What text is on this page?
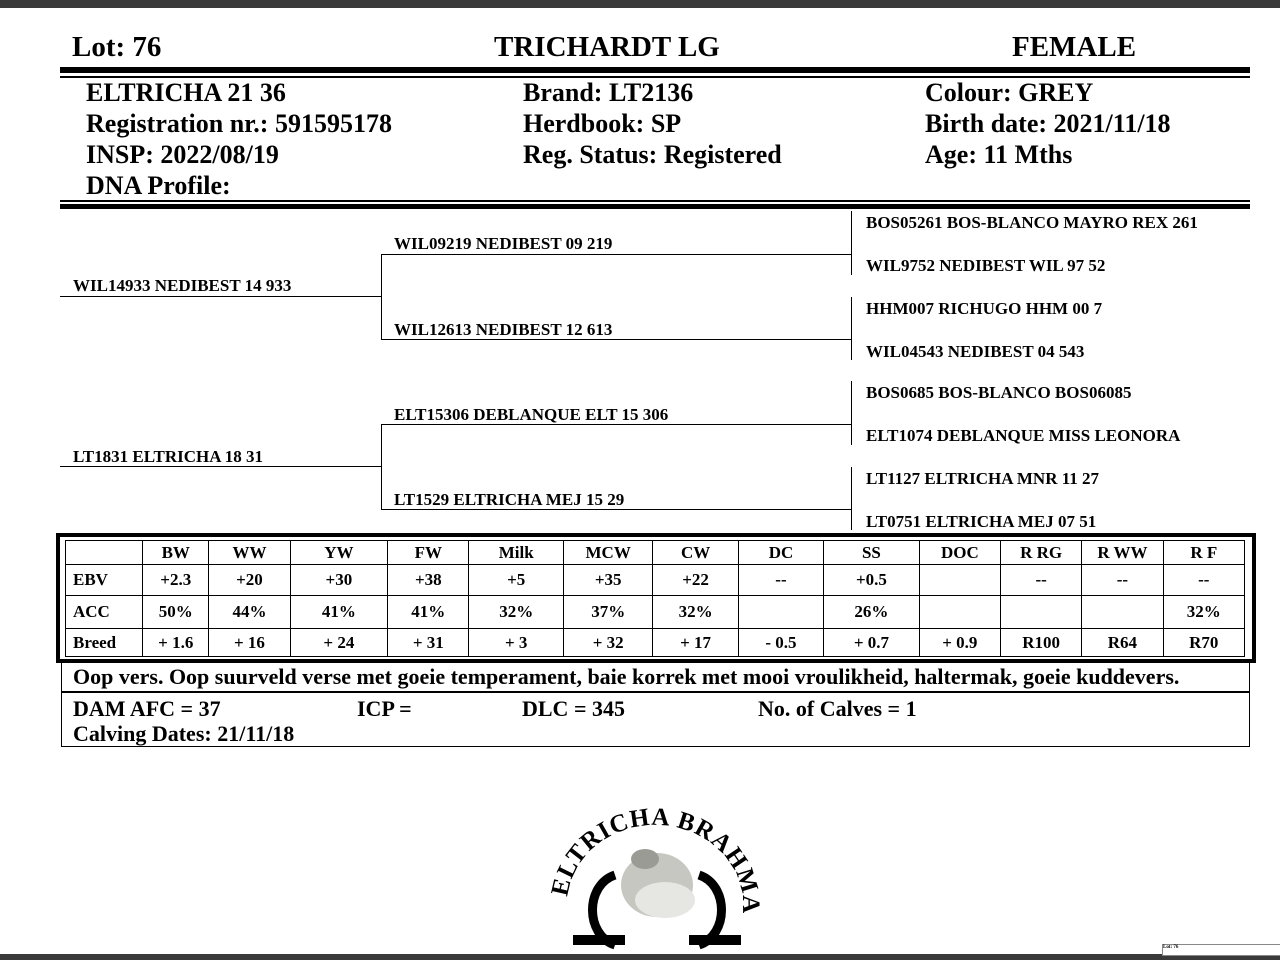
Lot: 76	TRICHARDT LG	FEMALE
ELTRICHA 21 36
Registration nr.: 591595178
INSP: 2022/08/19
DNA Profile:
Brand: LT2136
Herdbook: SP
Reg. Status: Registered
Colour: GREY
Birth date: 2021/11/18
Age: 11 Mths
WIL14933 NEDIBEST 14 933
LT1831 ELTRICHA 18 31
WIL09219 NEDIBEST 09 219
WIL12613 NEDIBEST 12 613
ELT15306 DEBLANQUE ELT 15 306
LT1529 ELTRICHA MEJ 15 29
BOS05261 BOS-BLANCO MAYRO REX 261
WIL9752 NEDIBEST WIL 97 52
HHM007 RICHUGO HHM 00 7
WIL04543 NEDIBEST 04 543
BOS0685 BOS-BLANCO BOS06085
ELT1074 DEBLANQUE MISS LEONORA
LT1127 ELTRICHA MNR 11 27
LT0751 ELTRICHA MEJ 07 51
	BW	WW	YW	FW	Milk	MCW	CW	DC	SS	DOC	R RG	R WW	R F
EBV	+2.3	+20	+30	+38	+5	+35	+22	--	+0.5		--	--	--
ACC	50%	44%	41%	41%	32%	37%	32%		26%				32%
Breed	+ 1.6	+ 16	+ 24	+ 31	+ 3	+ 32	+ 17	- 0.5	+ 0.7	+ 0.9	R100	R64	R70
Oop vers. Oop suurveld verse met goeie temperament, baie korrek met mooi vroulikheid, haltermak, goeie kuddevers.
DAM AFC = 37	ICP =	DLC = 345	No. of Calves = 1
Calving Dates: 21/11/18
ELTRICHA BRAHMA
Lot: 76
